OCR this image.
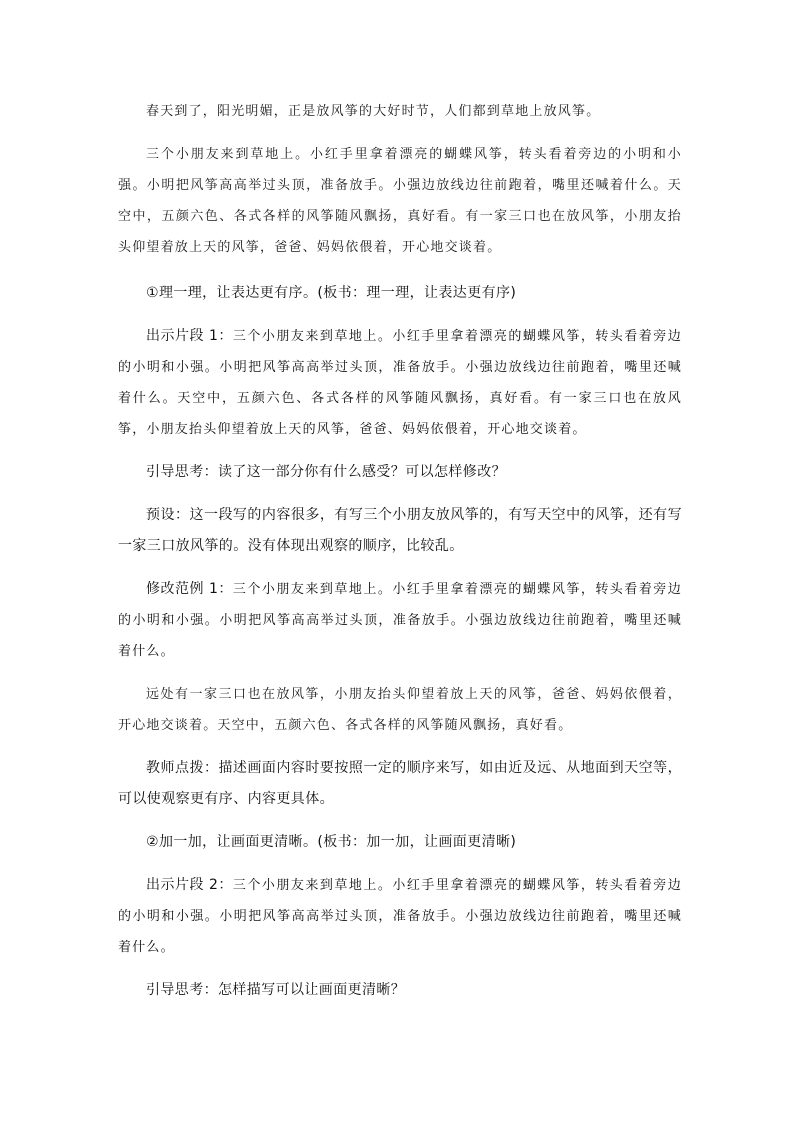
春天到了，阳光明媚，正是放风筝的大好时节，人们都到草地上放风筝。

三个小朋友来到草地上。小红手里拿着漂亮的蝴蝶风筝，转头看着旁边的小明和小强。小明把风筝高高举过头顶，准备放手。小强边放线边往前跑着，嘴里还喊着什么。天空中，五颜六色、各式各样的风筝随风飘扬，真好看。有一家三口也在放风筝，小朋友抬头仰望着放上天的风筝，爸爸、妈妈依偎着，开心地交谈着。

①理一理，让表达更有序。(板书：理一理，让表达更有序)

出示片段 1：三个小朋友来到草地上。小红手里拿着漂亮的蝴蝶风筝，转头看着旁边的小明和小强。小明把风筝高高举过头顶，准备放手。小强边放线边往前跑着，嘴里还喊着什么。天空中，五颜六色、各式各样的风筝随风飘扬，真好看。有一家三口也在放风筝，小朋友抬头仰望着放上天的风筝，爸爸、妈妈依偎着，开心地交谈着。

引导思考：读了这一部分你有什么感受？可以怎样修改？

预设：这一段写的内容很多，有写三个小朋友放风筝的，有写天空中的风筝，还有写一家三口放风筝的。没有体现出观察的顺序，比较乱。

修改范例 1：三个小朋友来到草地上。小红手里拿着漂亮的蝴蝶风筝，转头看着旁边的小明和小强。小明把风筝高高举过头顶，准备放手。小强边放线边往前跑着，嘴里还喊着什么。

远处有一家三口也在放风筝，小朋友抬头仰望着放上天的风筝，爸爸、妈妈依偎着，开心地交谈着。天空中，五颜六色、各式各样的风筝随风飘扬，真好看。

教师点拨：描述画面内容时要按照一定的顺序来写，如由近及远、从地面到天空等，可以使观察更有序、内容更具体。

②加一加，让画面更清晰。(板书：加一加，让画面更清晰)

出示片段 2：三个小朋友来到草地上。小红手里拿着漂亮的蝴蝶风筝，转头看着旁边的小明和小强。小明把风筝高高举过头顶，准备放手。小强边放线边往前跑着，嘴里还喊着什么。

引导思考：怎样描写可以让画面更清晰？
